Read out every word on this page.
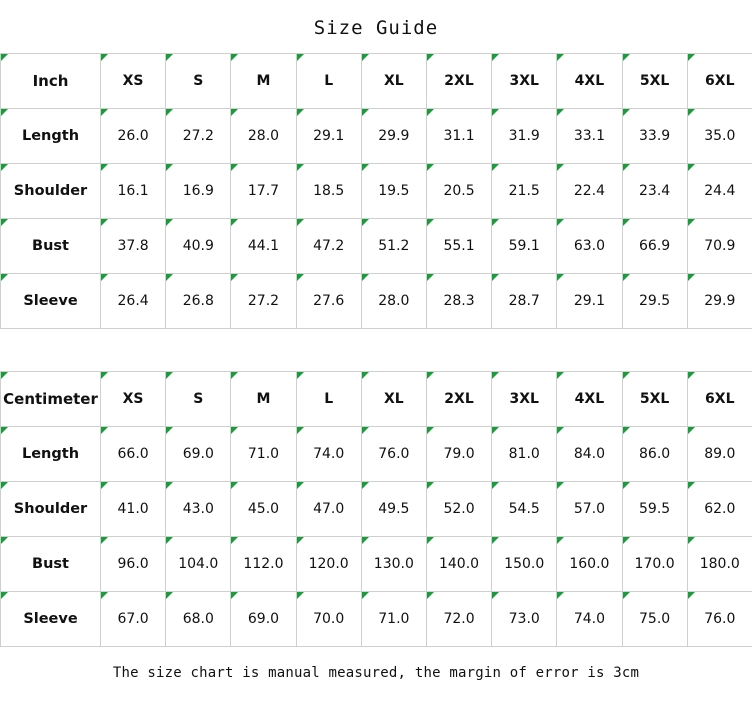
Size Guide
Inch	XS	S	M	L	XL	2XL	3XL	4XL	5XL	6XL
Length	26.0	27.2	28.0	29.1	29.9	31.1	31.9	33.1	33.9	35.0
Shoulder	16.1	16.9	17.7	18.5	19.5	20.5	21.5	22.4	23.4	24.4
Bust	37.8	40.9	44.1	47.2	51.2	55.1	59.1	63.0	66.9	70.9
Sleeve	26.4	26.8	27.2	27.6	28.0	28.3	28.7	29.1	29.5	29.9
Centimeter	XS	S	M	L	XL	2XL	3XL	4XL	5XL	6XL
Length	66.0	69.0	71.0	74.0	76.0	79.0	81.0	84.0	86.0	89.0
Shoulder	41.0	43.0	45.0	47.0	49.5	52.0	54.5	57.0	59.5	62.0
Bust	96.0	104.0	112.0	120.0	130.0	140.0	150.0	160.0	170.0	180.0
Sleeve	67.0	68.0	69.0	70.0	71.0	72.0	73.0	74.0	75.0	76.0
The size chart is manual measured, the margin of error is 3cm
